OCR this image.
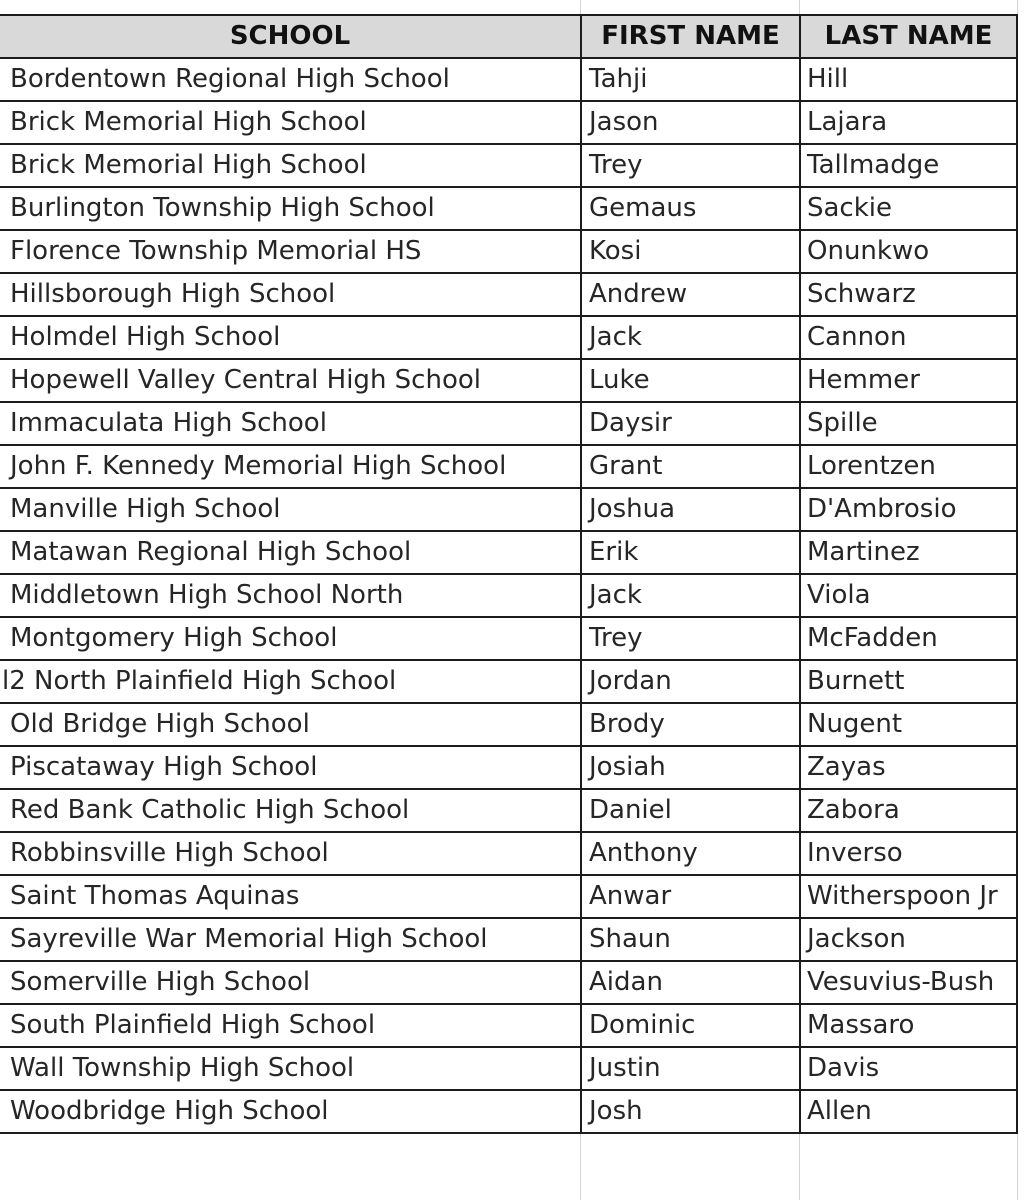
SCHOOL	FIRST NAME	LAST NAME
Bordentown Regional High School	Tahji	Hill
Brick Memorial High School	Jason	Lajara
Brick Memorial High School	Trey	Tallmadge
Burlington Township High School	Gemaus	Sackie
Florence Township Memorial HS	Kosi	Onunkwo
Hillsborough High School	Andrew	Schwarz
Holmdel High School	Jack	Cannon
Hopewell Valley Central High School	Luke	Hemmer
Immaculata High School	Daysir	Spille
John F. Kennedy Memorial High School	Grant	Lorentzen
Manville High School	Joshua	D'Ambrosio
Matawan Regional High School	Erik	Martinez
Middletown High School North	Jack	Viola
Montgomery High School	Trey	McFadden
l2 North Plainfield High School	Jordan	Burnett
Old Bridge High School	Brody	Nugent
Piscataway High School	Josiah	Zayas
Red Bank Catholic High School	Daniel	Zabora
Robbinsville High School	Anthony	Inverso
Saint Thomas Aquinas	Anwar	Witherspoon Jr
Sayreville War Memorial High School	Shaun	Jackson
Somerville High School	Aidan	Vesuvius-Bush
South Plainfield High School	Dominic	Massaro
Wall Township High School	Justin	Davis
Woodbridge High School	Josh	Allen
